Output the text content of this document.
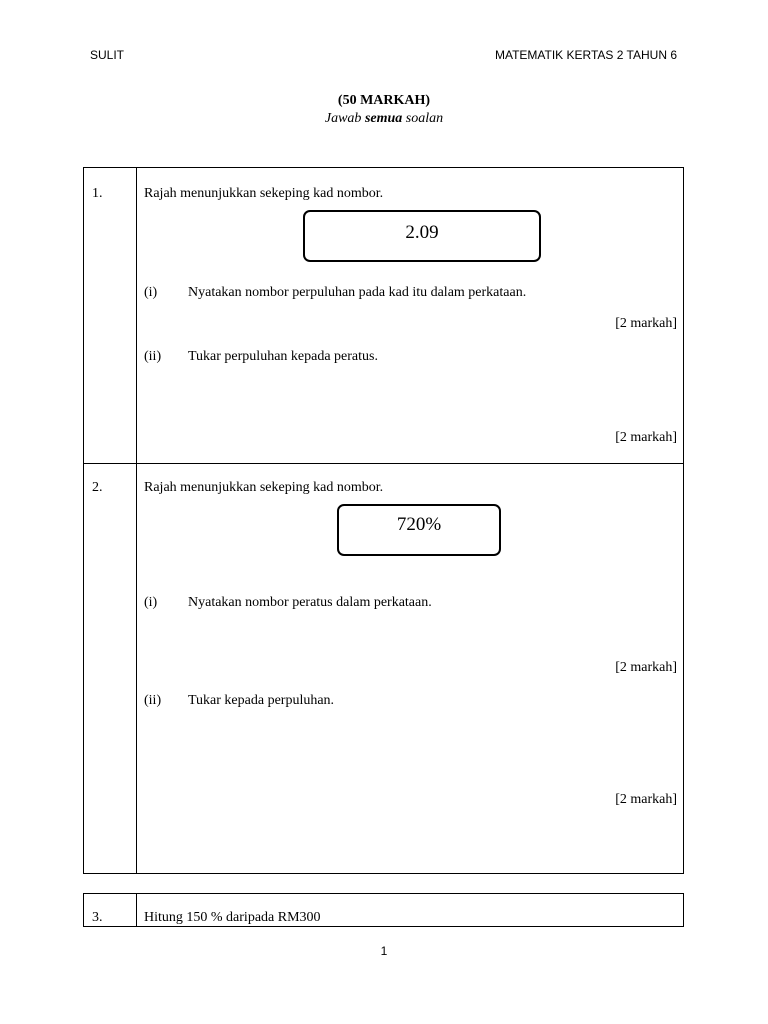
SULIT	MATEMATIK KERTAS 2 TAHUN 6
(50 MARKAH)
Jawab semua soalan
1.	Rajah menunjukkan sekeping kad nombor.
2.09
(i) Nyatakan nombor perpuluhan pada kad itu dalam perkataan.
[2 markah]
(ii) Tukar perpuluhan kepada peratus.
[2 markah]
2.	Rajah menunjukkan sekeping kad nombor.
720%
(i) Nyatakan nombor peratus dalam perkataan.
[2 markah]
(ii) Tukar kepada perpuluhan.
[2 markah]
3.	Hitung 150 % daripada RM300
1
